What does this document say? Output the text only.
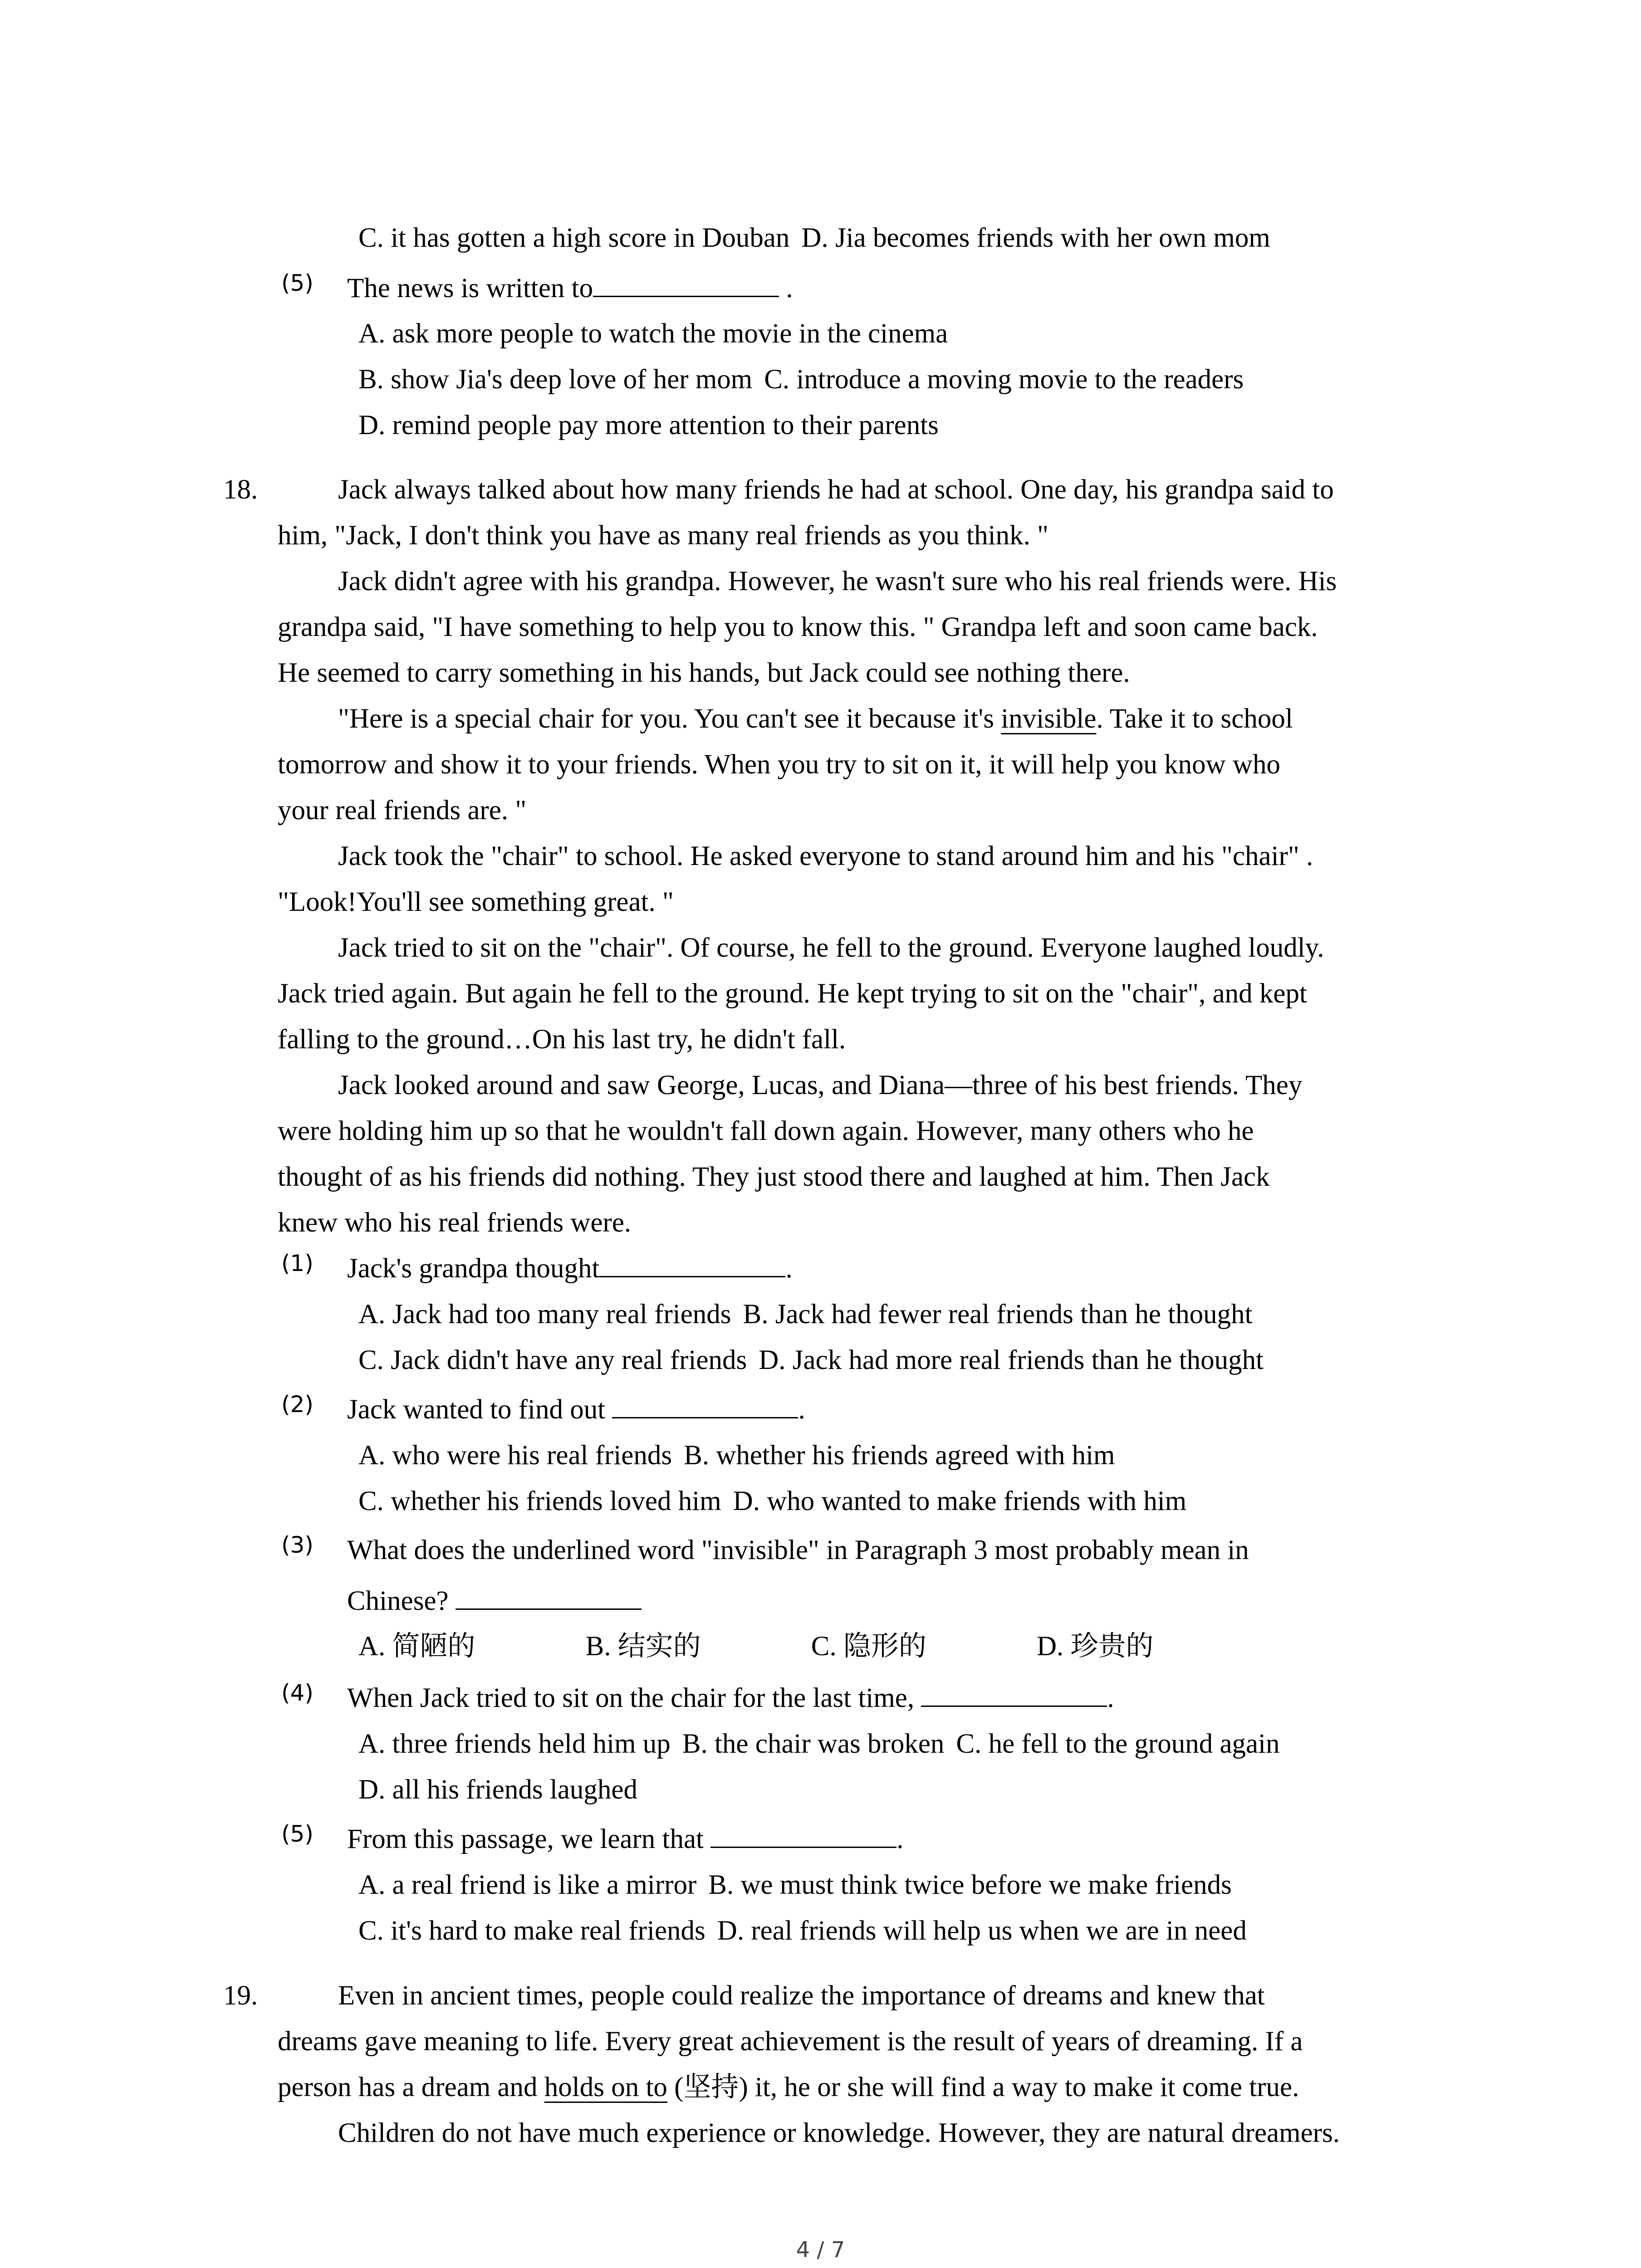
C. it has gotten a high score in Douban D. Jia becomes friends with her own mom
(5) The news is written to	.
A. ask more people to watch the movie in the cinema
B. show Jia's deep love of her mom C. introduce a moving movie to the readers
D. remind people pay more attention to their parents
18.	Jack always talked about how many friends he had at school. One day, his grandpa said to
him, "Jack, I don't think you have as many real friends as you think. "
Jack didn't agree with his grandpa. However, he wasn't sure who his real friends were. His
grandpa said, "I have something to help you to know this. " Grandpa left and soon came back.
He seemed to carry something in his hands, but Jack could see nothing there.
"Here is a special chair for you. You can't see it because it's invisible. Take it to school
tomorrow and show it to your friends. When you try to sit on it, it will help you know who
your real friends are. "
Jack took the "chair" to school. He asked everyone to stand around him and his "chair" .
"Look!You'll see something great. "
Jack tried to sit on the "chair". Of course, he fell to the ground. Everyone laughed loudly.
Jack tried again. But again he fell to the ground. He kept trying to sit on the "chair", and kept
falling to the ground…On his last try, he didn't fall.
Jack looked around and saw George, Lucas, and Diana—three of his best friends. They
were holding him up so that he wouldn't fall down again. However, many others who he
thought of as his friends did nothing. They just stood there and laughed at him. Then Jack
knew who his real friends were.
(1) Jack's grandpa thought	.
A. Jack had too many real friends B. Jack had fewer real friends than he thought
C. Jack didn't have any real friends D. Jack had more real friends than he thought
(2) Jack wanted to find out	.
A. who were his real friends B. whether his friends agreed with him
C. whether his friends loved him D. who wanted to make friends with him
(3) What does the underlined word "invisible" in Paragraph 3 most probably mean in
Chinese?
A. 简陋的	B. 结实的	C. 隐形的	D. 珍贵的
(4) When Jack tried to sit on the chair for the last time,	.
A. three friends held him up B. the chair was broken C. he fell to the ground again
D. all his friends laughed
(5) From this passage, we learn that	.
A. a real friend is like a mirror B. we must think twice before we make friends
C. it's hard to make real friends D. real friends will help us when we are in need
19.	Even in ancient times, people could realize the importance of dreams and knew that
dreams gave meaning to life. Every great achievement is the result of years of dreaming. If a
person has a dream and holds on to (坚持) it, he or she will find a way to make it come true.
Children do not have much experience or knowledge. However, they are natural dreamers.
4 / 7
